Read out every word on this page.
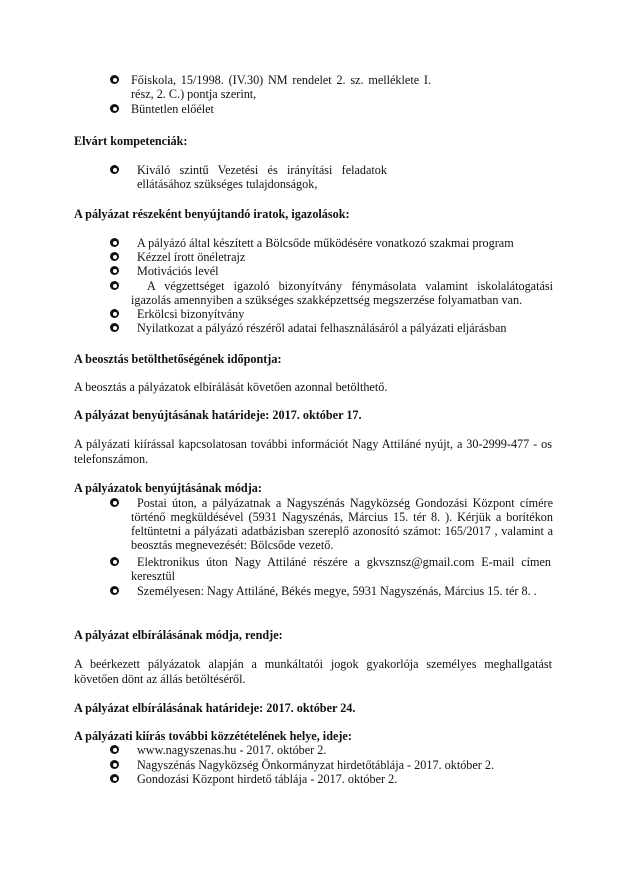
Főiskola, 15/1998. (IV.30) NM rendelet 2. sz. melléklete I. rész, 2. C.) pontja szerint,
Büntetlen előélet

Elvárt kompetenciák:

Kiváló szintű Vezetési és irányítási feladatok ellátásához szükséges tulajdonságok,

A pályázat részeként benyújtandó iratok, igazolások:

A pályázó által készített a Bölcsőde működésére vonatkozó szakmai program
Kézzel írott önéletrajz
Motivációs levél
A végzettséget igazoló bizonyítvány fénymásolata valamint iskolalátogatási igazolás amennyiben a szükséges szakképzettség megszerzése folyamatban van.
Erkölcsi bizonyítvány
Nyilatkozat a pályázó részéről adatai felhasználásáról a pályázati eljárásban

A beosztás betölthetőségének időpontja:

A beosztás a pályázatok elbírálását követően azonnal betölthető.

A pályázat benyújtásának határideje: 2017. október 17.

A pályázati kiírással kapcsolatosan további információt Nagy Attiláné nyújt, a 30-2999-477 - os telefonszámon.

A pályázatok benyújtásának módja:

Postai úton, a pályázatnak a Nagyszénás Nagyközség Gondozási Központ címére történő megküldésével (5931 Nagyszénás, Március 15. tér 8. ). Kérjük a borítékon feltüntetni a pályázati adatbázisban szereplő azonosító számot: 165/2017 , valamint a beosztás megnevezését: Bölcsőde vezető.
Elektronikus úton Nagy Attiláné részére a gkvsznsz@gmail.com E-mail címen keresztül
Személyesen: Nagy Attiláné, Békés megye, 5931 Nagyszénás, Március 15. tér 8. .

A pályázat elbírálásának módja, rendje:

A beérkezett pályázatok alapján a munkáltatói jogok gyakorlója személyes meghallgatást követően dönt az állás betöltéséről.

A pályázat elbírálásának határideje: 2017. október 24.

A pályázati kiírás további közzétételének helye, ideje:

www.nagyszenas.hu - 2017. október 2.
Nagyszénás Nagyközség Önkormányzat hirdetőtáblája - 2017. október 2.
Gondozási Központ hirdető táblája - 2017. október 2.
